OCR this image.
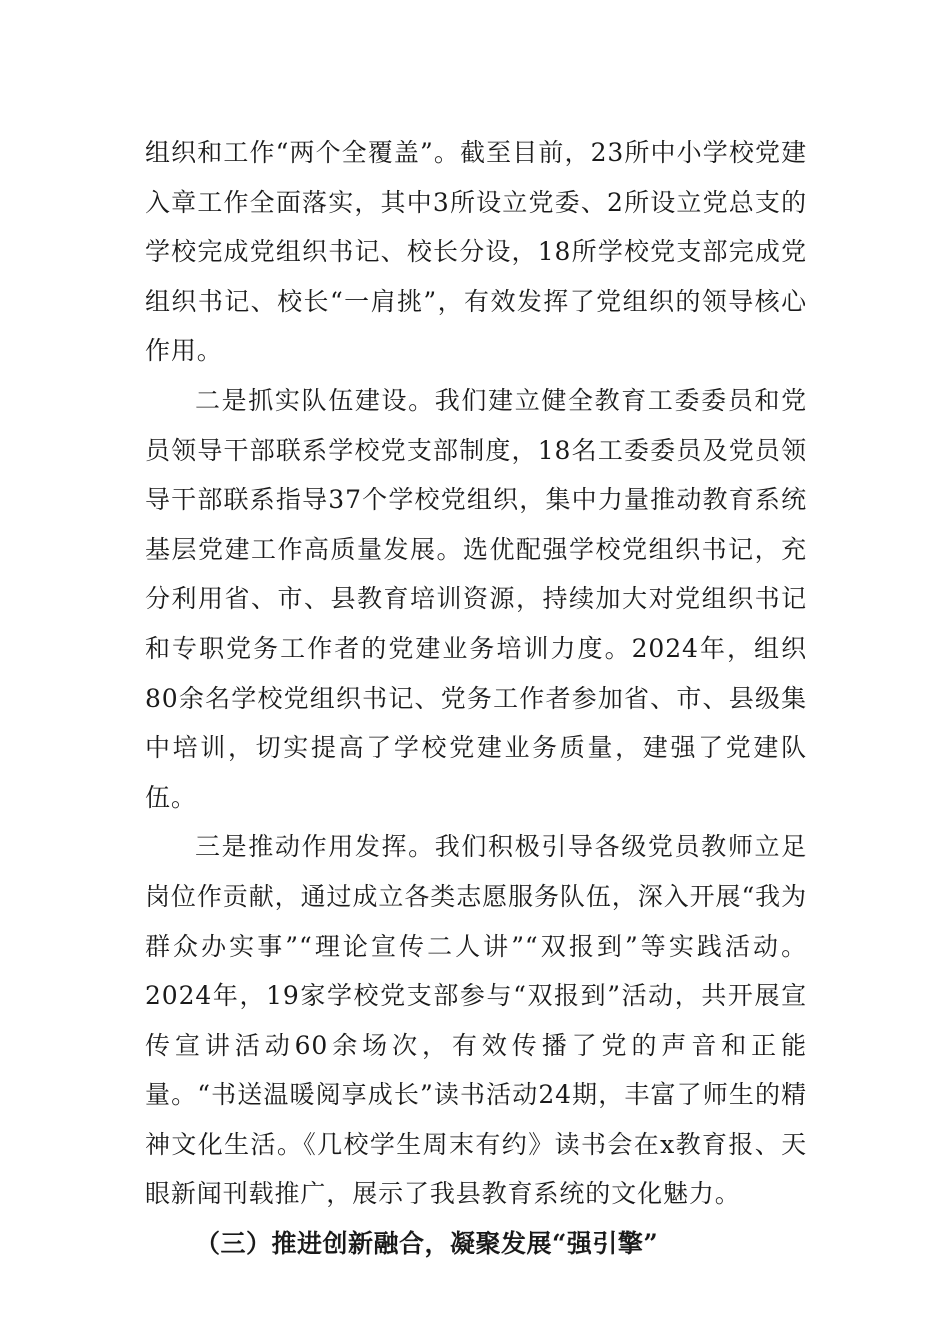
组织和工作“两个全覆盖”。截至目前，23所中小学校党建入章工作全面落实，其中3所设立党委、2所设立党总支的学校完成党组织书记、校长分设，18所学校党支部完成党组织书记、校长“一肩挑”，有效发挥了党组织的领导核心作用。

二是抓实队伍建设。我们建立健全教育工委委员和党员领导干部联系学校党支部制度，18名工委委员及党员领导干部联系指导37个学校党组织，集中力量推动教育系统基层党建工作高质量发展。选优配强学校党组织书记，充分利用省、市、县教育培训资源，持续加大对党组织书记和专职党务工作者的党建业务培训力度。2024年，组织80余名学校党组织书记、党务工作者参加省、市、县级集中培训，切实提高了学校党建业务质量，建强了党建队伍。

三是推动作用发挥。我们积极引导各级党员教师立足岗位作贡献，通过成立各类志愿服务队伍，深入开展“我为群众办实事”“理论宣传二人讲”“双报到”等实践活动。2024年，19家学校党支部参与“双报到”活动，共开展宣传宣讲活动60余场次，有效传播了党的声音和正能量。“书送温暖阅享成长”读书活动24期，丰富了师生的精神文化生活。《几校学生周末有约》读书会在x教育报、天眼新闻刊载推广，展示了我县教育系统的文化魅力。

（三）推进创新融合，凝聚发展“强引擎”
